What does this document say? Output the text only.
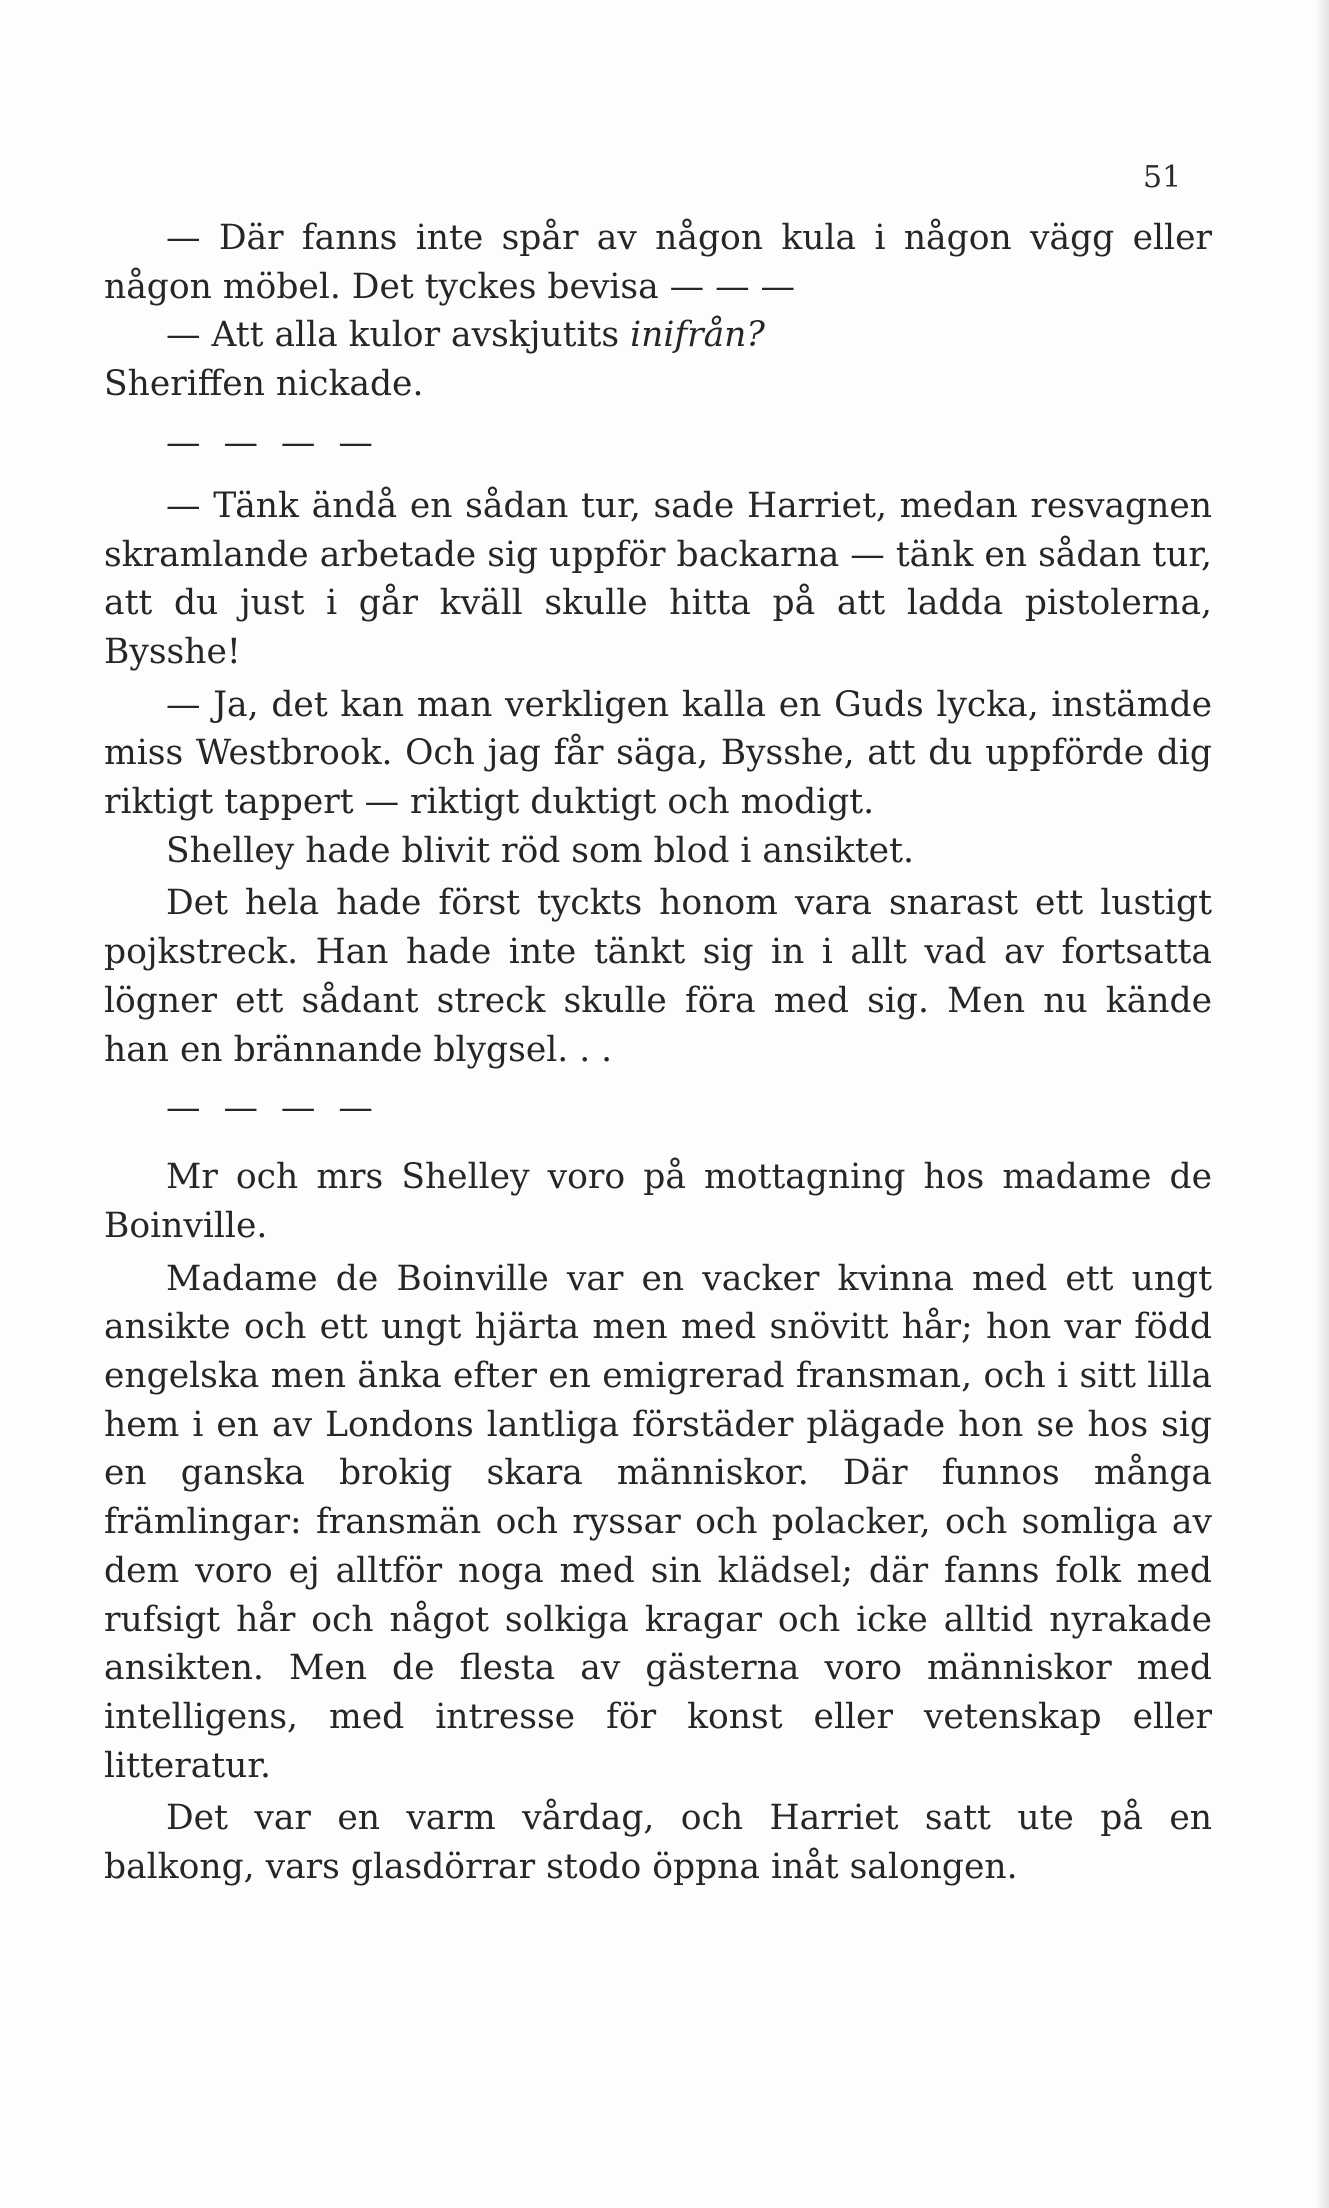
51

— Där fanns inte spår av någon kula i någon vägg eller någon möbel. Det tyckes bevisa — — —

— Att alla kulor avskjutits inifrån?

Sheriffen nickade.

— — — —

— Tänk ändå en sådan tur, sade Harriet, medan resvagnen skramlande arbetade sig uppför backarna — tänk en sådan tur, att du just i går kväll skulle hitta på att ladda pistolerna, Bysshe!

— Ja, det kan man verkligen kalla en Guds lycka, instämde miss Westbrook. Och jag får säga, Bysshe, att du uppförde dig riktigt tappert — riktigt duktigt och modigt.

Shelley hade blivit röd som blod i ansiktet.

Det hela hade först tyckts honom vara snarast ett lustigt pojkstreck. Han hade inte tänkt sig in i allt vad av fortsatta lögner ett sådant streck skulle föra med sig. Men nu kände han en brännande blygsel. . .

— — — —

Mr och mrs Shelley voro på mottagning hos madame de Boinville.

Madame de Boinville var en vacker kvinna med ett ungt ansikte och ett ungt hjärta men med snövitt hår; hon var född engelska men änka efter en emigrerad fransman, och i sitt lilla hem i en av Londons lantliga förstäder plägade hon se hos sig en ganska brokig skara människor. Där funnos många främlingar: fransmän och ryssar och polacker, och somliga av dem voro ej alltför noga med sin klädsel; där fanns folk med rufsigt hår och något solkiga kragar och icke alltid nyrakade ansikten. Men de flesta av gästerna voro människor med intelligens, med intresse för konst eller vetenskap eller litteratur.

Det var en varm vårdag, och Harriet satt ute på en balkong, vars glasdörrar stodo öppna inåt salongen.
